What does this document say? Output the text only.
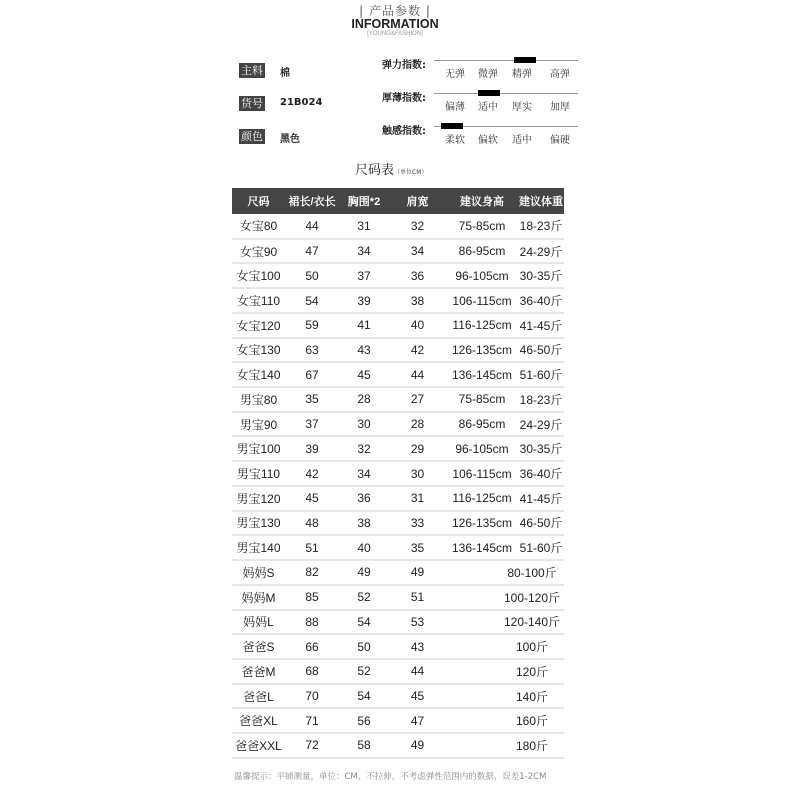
| 产品参数 |
INFORMATION
[YOUNG&FASHION]
主料 棉
货号 21B024
颜色 黑色
弹力指数:
无弹	微弹	精弹	高弹
厚薄指数:
偏薄	适中	厚实	加厚
触感指数:
柔软	偏软	适中	偏硬
尺码表（单位CM）
尺码	裙长/衣长	胸围*2	肩宽	建议身高	建议体重
女宝80	44	31	32	75-85cm	18-23斤
女宝90	47	34	34	86-95cm	24-29斤
女宝100	50	37	36	96-105cm	30-35斤
女宝110	54	39	38	106-115cm	36-40斤
女宝120	59	41	40	116-125cm	41-45斤
女宝130	63	43	42	126-135cm	46-50斤
女宝140	67	45	44	136-145cm	51-60斤
男宝80	35	28	27	75-85cm	18-23斤
男宝90	37	30	28	86-95cm	24-29斤
男宝100	39	32	29	96-105cm	30-35斤
男宝110	42	34	30	106-115cm	36-40斤
男宝120	45	36	31	116-125cm	41-45斤
男宝130	48	38	33	126-135cm	46-50斤
男宝140	51	40	35	136-145cm	51-60斤
妈妈S	82	49	49	80-100斤	
妈妈M	85	52	51	100-120斤	
妈妈L	88	54	53	120-140斤	
爸爸S	66	50	43	100斤	
爸爸M	68	52	44	120斤	
爸爸L	70	54	45	140斤	
爸爸XL	71	56	47	160斤	
爸爸XXL	72	58	49	180斤	
温馨提示：平铺测量，单位：CM，不拉伸，不考虑弹性范围内的数据，误差1-2CM
